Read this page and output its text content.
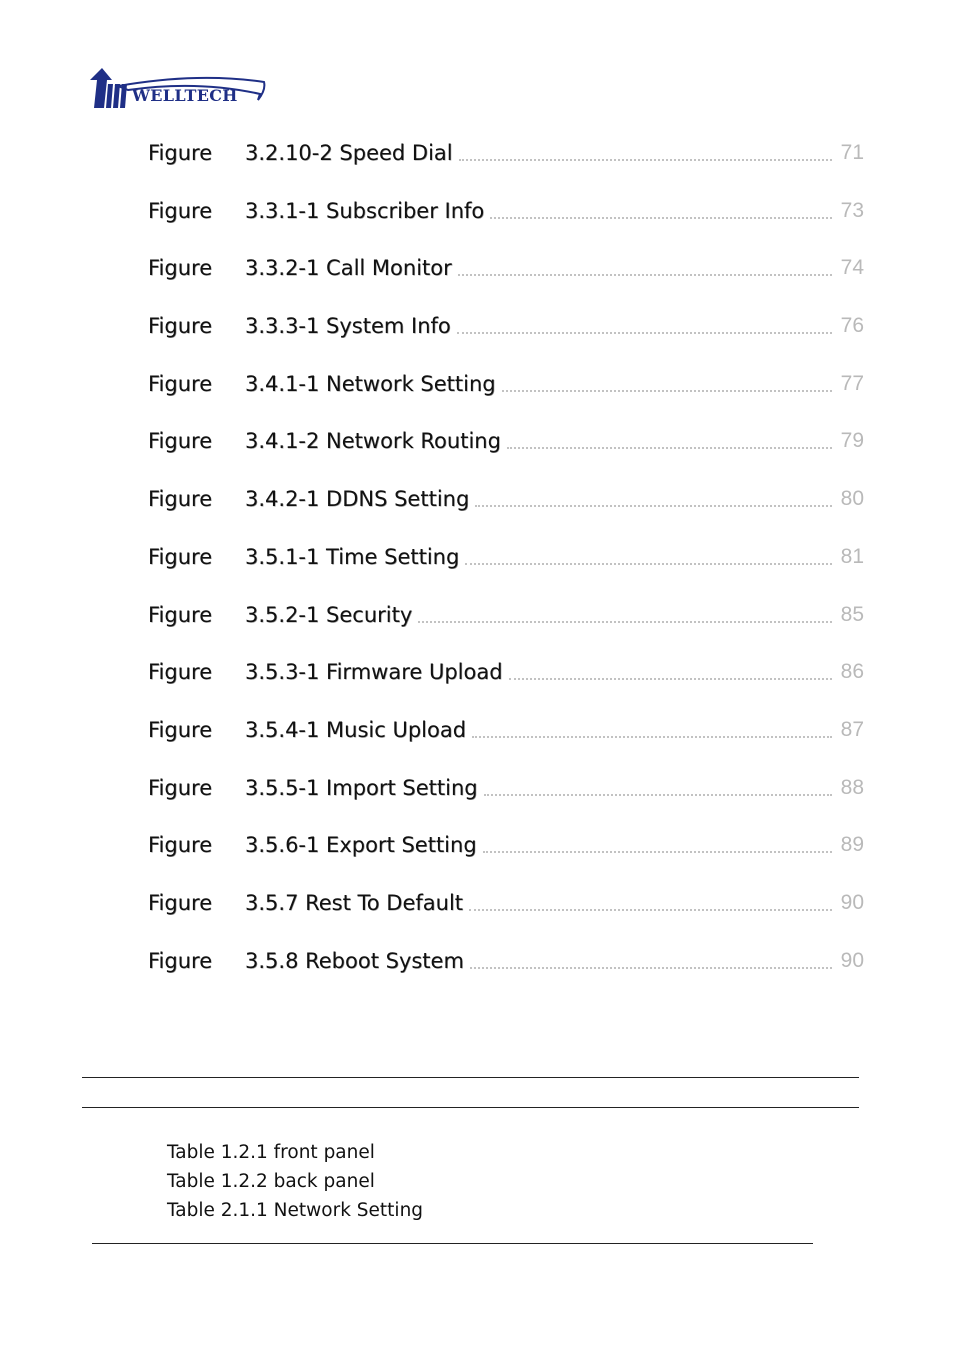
WELLTECH
Figure	3.2.10-2 Speed Dial	71
Figure	3.3.1-1 Subscriber Info	73
Figure	3.3.2-1 Call Monitor	74
Figure	3.3.3-1 System Info	76
Figure	3.4.1-1 Network Setting	77
Figure	3.4.1-2 Network Routing	79
Figure	3.4.2-1 DDNS Setting	80
Figure	3.5.1-1 Time Setting	81
Figure	3.5.2-1 Security	85
Figure	3.5.3-1 Firmware Upload	86
Figure	3.5.4-1 Music Upload	87
Figure	3.5.5-1 Import Setting	88
Figure	3.5.6-1 Export Setting	89
Figure	3.5.7 Rest To Default	90
Figure	3.5.8 Reboot System	90
Table 1.2.1 front panel
Table 1.2.2 back panel
Table 2.1.1 Network Setting
